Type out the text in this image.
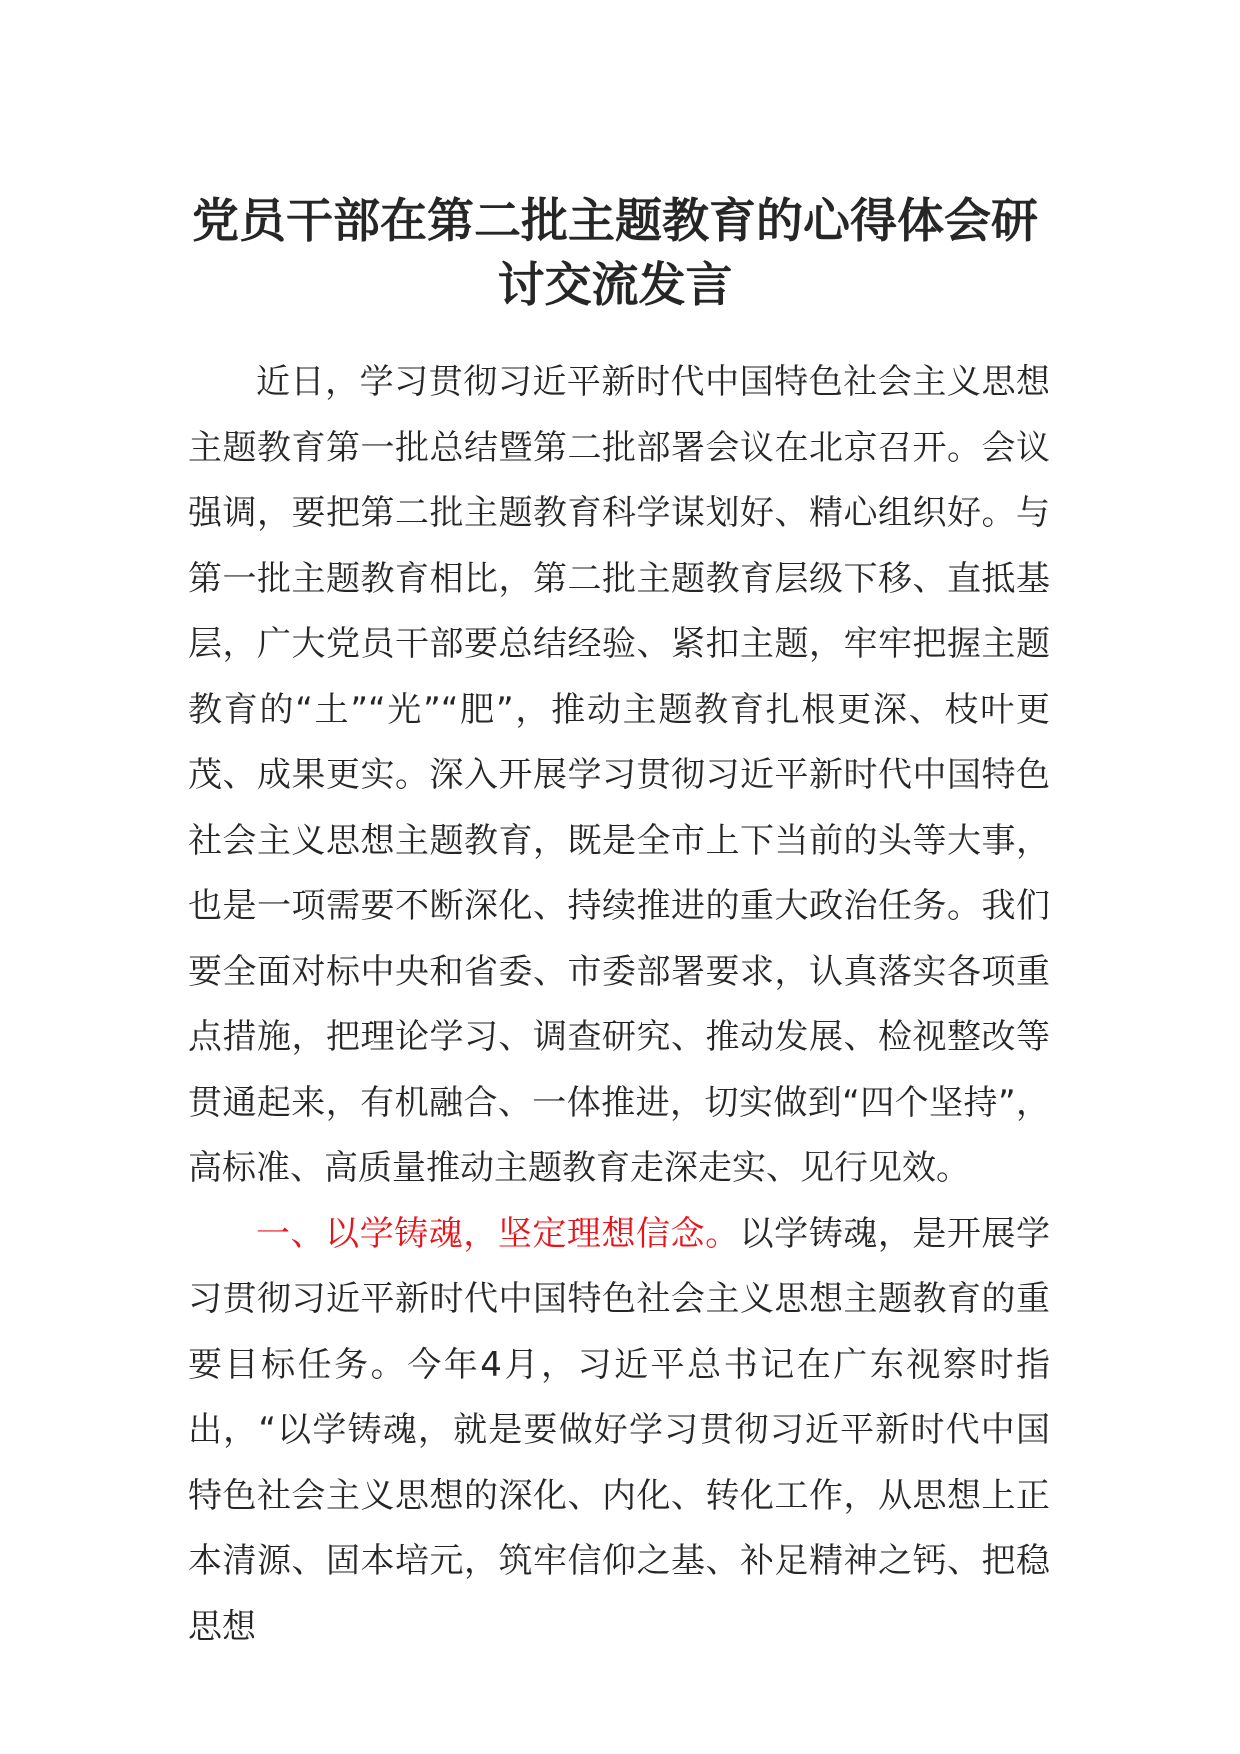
党员干部在第二批主题教育的心得体会研讨交流发言

近日，学习贯彻习近平新时代中国特色社会主义思想主题教育第一批总结暨第二批部署会议在北京召开。会议强调，要把第二批主题教育科学谋划好、精心组织好。与第一批主题教育相比，第二批主题教育层级下移、直抵基层，广大党员干部要总结经验、紧扣主题，牢牢把握主题教育的“土”“光”“肥”，推动主题教育扎根更深、枝叶更茂、成果更实。深入开展学习贯彻习近平新时代中国特色社会主义思想主题教育，既是全市上下当前的头等大事，也是一项需要不断深化、持续推进的重大政治任务。我们要全面对标中央和省委、市委部署要求，认真落实各项重点措施，把理论学习、调查研究、推动发展、检视整改等贯通起来，有机融合、一体推进，切实做到“四个坚持”，高标准、高质量推动主题教育走深走实、见行见效。

一、以学铸魂，坚定理想信念。以学铸魂，是开展学习贯彻习近平新时代中国特色社会主义思想主题教育的重要目标任务。今年4月，习近平总书记在广东视察时指出，“以学铸魂，就是要做好学习贯彻习近平新时代中国特色社会主义思想的深化、内化、转化工作，从思想上正本清源、固本培元，筑牢信仰之基、补足精神之钙、把稳思想
